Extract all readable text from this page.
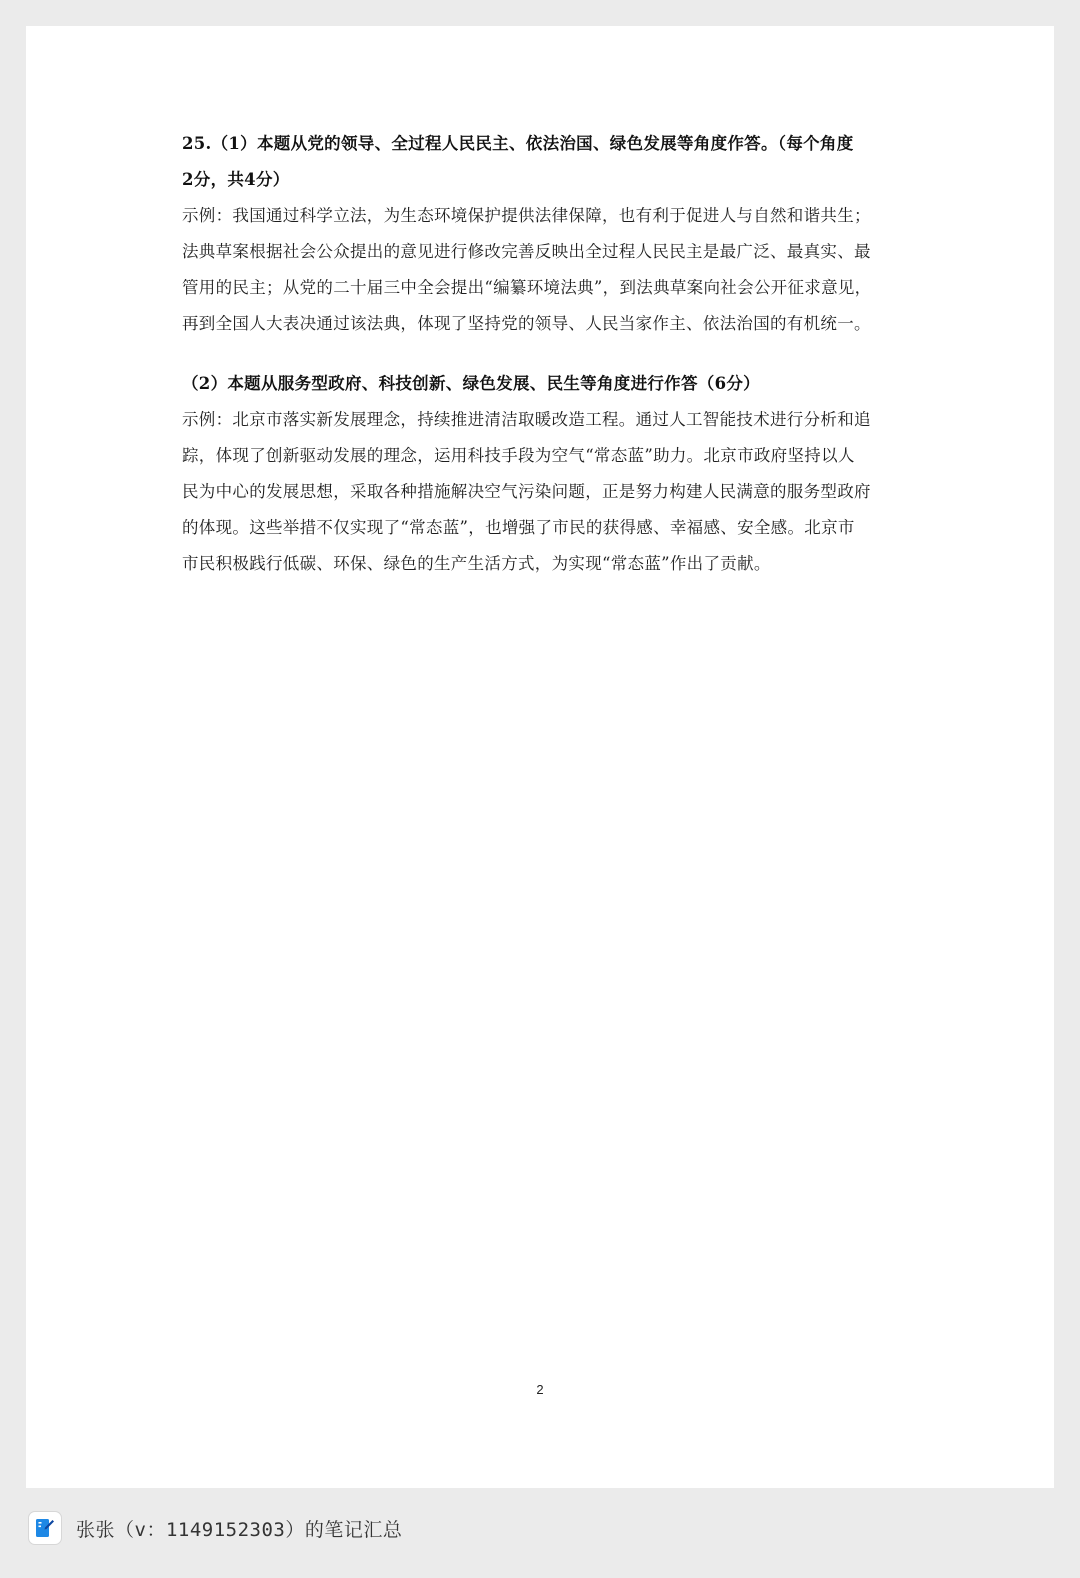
25.（1）本题从党的领导、全过程人民民主、依法治国、绿色发展等角度作答。（每个角度
2分，共4分）

示例：我国通过科学立法，为生态环境保护提供法律保障，也有利于促进人与自然和谐共生；
法典草案根据社会公众提出的意见进行修改完善反映出全过程人民民主是最广泛、最真实、最
管用的民主；从党的二十届三中全会提出“编纂环境法典”，到法典草案向社会公开征求意见，
再到全国人大表决通过该法典，体现了坚持党的领导、人民当家作主、依法治国的有机统一。

（2）本题从服务型政府、科技创新、绿色发展、民生等角度进行作答（6分）

示例：北京市落实新发展理念，持续推进清洁取暖改造工程。通过人工智能技术进行分析和追
踪，体现了创新驱动发展的理念，运用科技手段为空气“常态蓝”助力。北京市政府坚持以人
民为中心的发展思想，采取各种措施解决空气污染问题，正是努力构建人民满意的服务型政府
的体现。这些举措不仅实现了“常态蓝”，也增强了市民的获得感、幸福感、安全感。北京市
市民积极践行低碳、环保、绿色的生产生活方式，为实现“常态蓝”作出了贡献。

2
张张（v：1149152303）的笔记汇总
